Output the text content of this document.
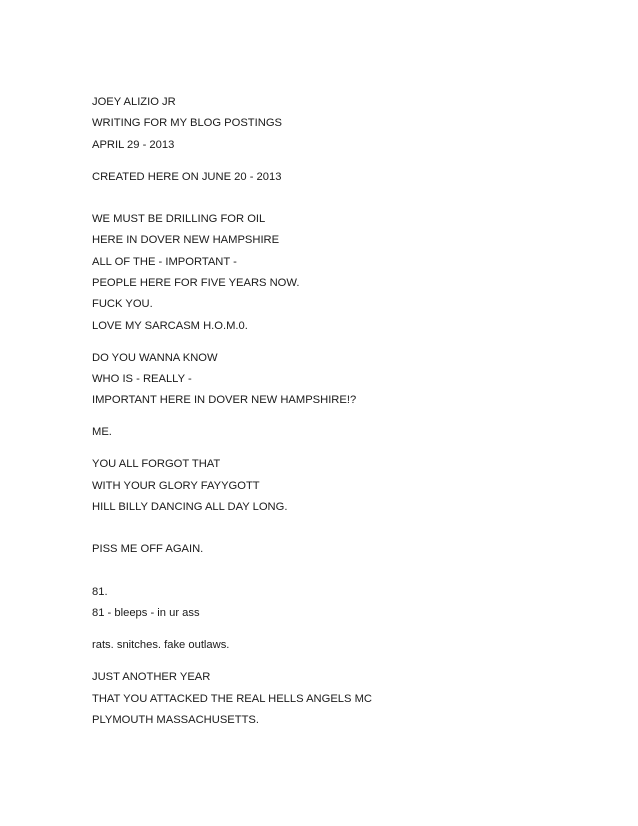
JOEY ALIZIO JR
WRITING FOR MY BLOG POSTINGS
APRIL 29 - 2013
CREATED HERE ON JUNE 20 - 2013
WE MUST BE DRILLING FOR OIL
HERE IN DOVER NEW HAMPSHIRE
ALL OF THE - IMPORTANT -
PEOPLE HERE FOR FIVE YEARS NOW.
FUCK YOU.
LOVE MY SARCASM H.O.M.0.
DO YOU WANNA KNOW
WHO IS - REALLY -
IMPORTANT HERE IN DOVER NEW HAMPSHIRE!?
ME.
YOU ALL FORGOT THAT
WITH YOUR GLORY FAYYGOTT
HILL BILLY DANCING ALL DAY LONG.
PISS ME OFF AGAIN.
81.
81 - bleeps - in ur ass
rats. snitches. fake outlaws.
JUST ANOTHER YEAR
THAT YOU ATTACKED THE REAL HELLS ANGELS MC
PLYMOUTH MASSACHUSETTS.
